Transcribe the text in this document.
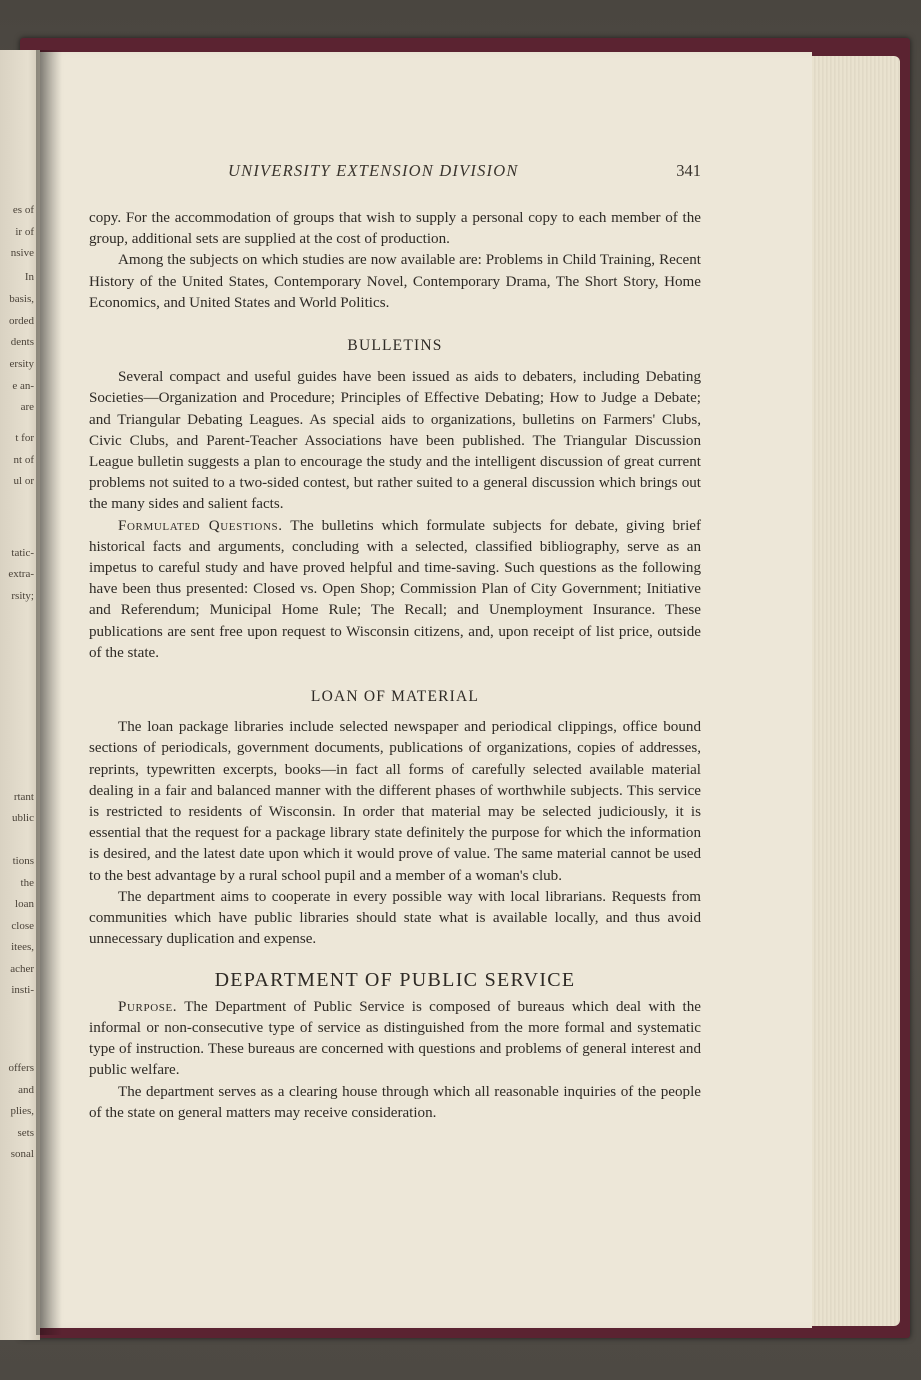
es of
ir of
nsive
In
basis,
orded
dents
ersity
e an-
are
t for
nt of
ul or
tatic-
extra-
rsity;
rtant
ublic
tions
the
loan
close
itees,
acher
insti-
offers
and
plies,
sets
sonal
UNIVERSITY EXTENSION DIVISION	341

copy. For the accommodation of groups that wish to supply a personal copy to each member of the group, additional sets are supplied at the cost of production.

Among the subjects on which studies are now available are: Problems in Child Training, Recent History of the United States, Contemporary Novel, Contemporary Drama, The Short Story, Home Economics, and United States and World Politics.

BULLETINS

Several compact and useful guides have been issued as aids to debaters, including Debating Societies—Organization and Procedure; Principles of Effective Debating; How to Judge a Debate; and Triangular Debating Leagues. As special aids to organizations, bulletins on Farmers' Clubs, Civic Clubs, and Parent-Teacher Associations have been published. The Triangular Discussion League bulletin suggests a plan to encourage the study and the intelligent discussion of great current problems not suited to a two-sided contest, but rather suited to a general discussion which brings out the many sides and salient facts.

Formulated Questions. The bulletins which formulate subjects for debate, giving brief historical facts and arguments, concluding with a selected, classified bibliography, serve as an impetus to careful study and have proved helpful and time-saving. Such questions as the following have been thus presented: Closed vs. Open Shop; Commission Plan of City Government; Initiative and Referendum; Municipal Home Rule; The Recall; and Unemployment Insurance. These publications are sent free upon request to Wisconsin citizens, and, upon receipt of list price, outside of the state.

LOAN OF MATERIAL

The loan package libraries include selected newspaper and periodical clippings, office bound sections of periodicals, government documents, publications of organizations, copies of addresses, reprints, typewritten excerpts, books—in fact all forms of carefully selected available material dealing in a fair and balanced manner with the different phases of worthwhile subjects. This service is restricted to residents of Wisconsin. In order that material may be selected judiciously, it is essential that the request for a package library state definitely the purpose for which the information is desired, and the latest date upon which it would prove of value. The same material cannot be used to the best advantage by a rural school pupil and a member of a woman's club.

The department aims to cooperate in every possible way with local librarians. Requests from communities which have public libraries should state what is available locally, and thus avoid unnecessary duplication and expense.

DEPARTMENT OF PUBLIC SERVICE

Purpose. The Department of Public Service is composed of bureaus which deal with the informal or non-consecutive type of service as distinguished from the more formal and systematic type of instruction. These bureaus are concerned with questions and problems of general interest and public welfare.

The department serves as a clearing house through which all reasonable inquiries of the people of the state on general matters may receive consideration.
